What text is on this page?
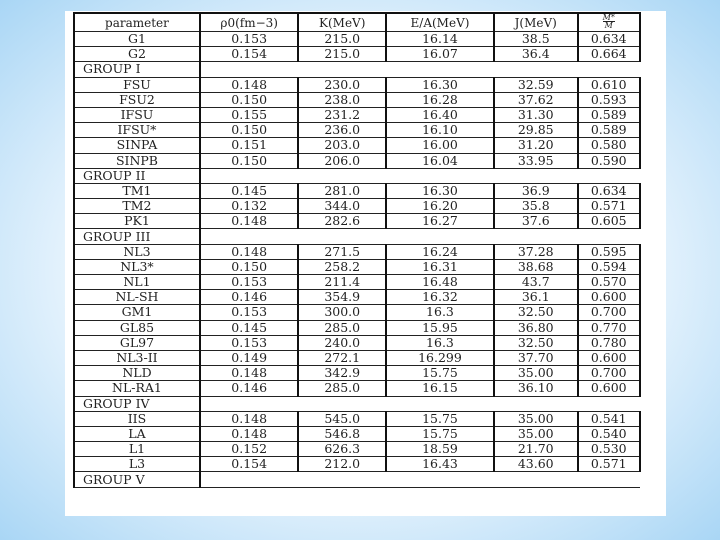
parameter	ρ0(fm−3)	K(MeV)	E/A(MeV)	J(MeV)	$\frac{M*}{M}$

G1	0.153	215.0	16.14	38.5	0.634
G2	0.154	215.0	16.07	36.4	0.664
GROUP I					
FSU	0.148	230.0	16.30	32.59	0.610
FSU2	0.150	238.0	16.28	37.62	0.593
IFSU	0.155	231.2	16.40	31.30	0.589
IFSU*	0.150	236.0	16.10	29.85	0.589
SINPA	0.151	203.0	16.00	31.20	0.580
SINPB	0.150	206.0	16.04	33.95	0.590
GROUP II					
TM1	0.145	281.0	16.30	36.9	0.634
TM2	0.132	344.0	16.20	35.8	0.571
PK1	0.148	282.6	16.27	37.6	0.605
GROUP III					
NL3	0.148	271.5	16.24	37.28	0.595
NL3*	0.150	258.2	16.31	38.68	0.594
NL1	0.153	211.4	16.48	43.7	0.570
NL-SH	0.146	354.9	16.32	36.1	0.600
GM1	0.153	300.0	16.3	32.50	0.700
GL85	0.145	285.0	15.95	36.80	0.770
GL97	0.153	240.0	16.3	32.50	0.780
NL3-II	0.149	272.1	16.299	37.70	0.600
NLD	0.148	342.9	15.75	35.00	0.700
NL-RA1	0.146	285.0	16.15	36.10	0.600
GROUP IV					
IIS	0.148	545.0	15.75	35.00	0.541
LA	0.148	546.8	15.75	35.00	0.540
L1	0.152	626.3	18.59	21.70	0.530
L3	0.154	212.0	16.43	43.60	0.571
GROUP V					
